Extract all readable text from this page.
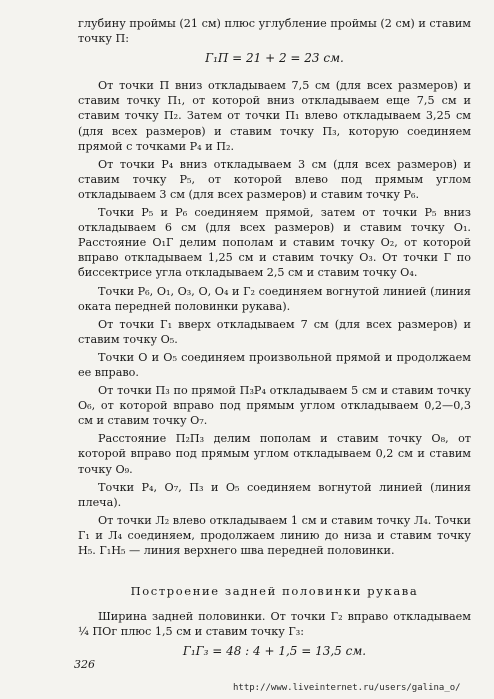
глубину проймы (21 см) плюс углубление проймы (2 см) и ставим точку П:

Г₁П = 21 + 2 = 23 см.

От точки П вниз откладываем 7,5 см (для всех размеров) и ставим точку П₁, от которой вниз откладываем еще 7,5 см и ставим точку П₂. Затем от точки П₁ влево откладываем 3,25 см (для всех размеров) и ставим точку П₃, которую соединяем прямой с точками Р₄ и П₂.

От точки Р₄ вниз откладываем 3 см (для всех размеров) и ставим точку Р₅, от которой влево под прямым углом откладываем 3 см (для всех размеров) и ставим точку Р₆.

Точки Р₅ и Р₆ соединяем прямой, затем от точки Р₅ вниз откладываем 6 см (для всех размеров) и ставим точку О₁. Расстояние О₁Г делим пополам и ставим точку О₂, от которой вправо откладываем 1,25 см и ставим точку О₃. От точки Г по биссектрисе угла откладываем 2,5 см и ставим точку О₄.

Точки Р₆, О₁, О₃, О, О₄ и Г₂ соединяем вогнутой линией (линия оката передней половинки рукава).

От точки Г₁ вверх откладываем 7 см (для всех размеров) и ставим точку О₅.

Точки О и О₅ соединяем произвольной прямой и продолжаем ее вправо.

От точки П₃ по прямой П₃Р₄ откладываем 5 см и ставим точку О₆, от которой вправо под прямым углом откладываем 0,2—0,3 см и ставим точку О₇.

Расстояние П₂П₃ делим пополам и ставим точку О₈, от которой вправо под прямым углом откладываем 0,2 см и ставим точку О₉.

Точки Р₄, О₇, П₃ и О₅ соединяем вогнутой линией (линия плеча).

От точки Л₂ влево откладываем 1 см и ставим точку Л₄. Точки Г₁ и Л₄ соединяем, продолжаем линию до низа и ставим точку Н₅. Г₁Н₅ — линия верхнего шва передней половинки.

Построение задней половинки рукава

Ширина задней половинки. От точки Г₂ вправо откладываем ¼ ПОг плюс 1,5 см и ставим точку Г₃:

Г₁Г₃ = 48 : 4 + 1,5 = 13,5 см.

326
http://www.liveinternet.ru/users/galina_o/
